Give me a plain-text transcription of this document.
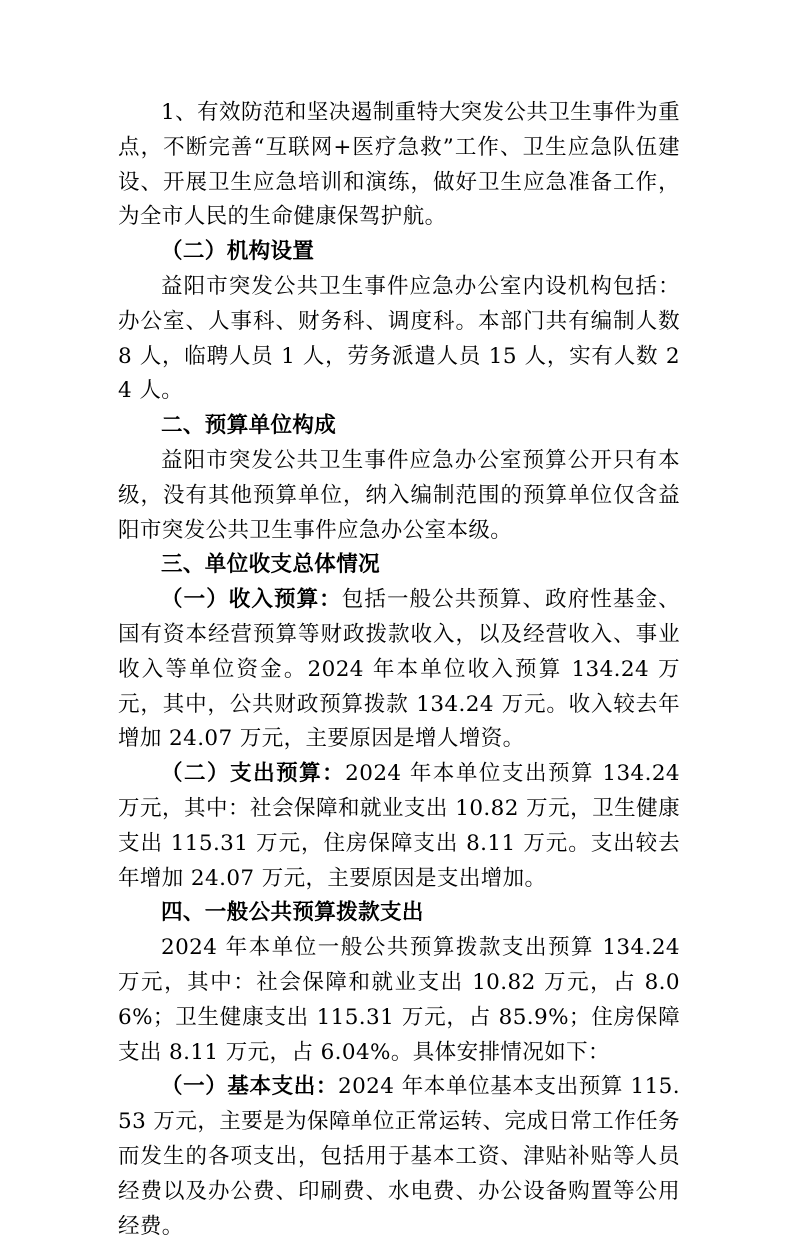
1、有效防范和坚决遏制重特大突发公共卫生事件为重点，不断完善“互联网+医疗急救”工作、卫生应急队伍建设、开展卫生应急培训和演练，做好卫生应急准备工作，为全市人民的生命健康保驾护航。

（二）机构设置

益阳市突发公共卫生事件应急办公室内设机构包括：办公室、人事科、财务科、调度科。本部门共有编制人数 8 人，临聘人员 1 人，劳务派遣人员 15 人，实有人数 24 人。

二、预算单位构成

益阳市突发公共卫生事件应急办公室预算公开只有本级，没有其他预算单位，纳入编制范围的预算单位仅含益阳市突发公共卫生事件应急办公室本级。

三、单位收支总体情况

（一）收入预算：包括一般公共预算、政府性基金、国有资本经营预算等财政拨款收入，以及经营收入、事业收入等单位资金。2024 年本单位收入预算 134.24 万元，其中，公共财政预算拨款 134.24 万元。收入较去年增加 24.07 万元，主要原因是增人增资。

（二）支出预算：2024 年本单位支出预算 134.24 万元，其中：社会保障和就业支出 10.82 万元，卫生健康支出 115.31 万元，住房保障支出 8.11 万元。支出较去年增加 24.07 万元，主要原因是支出增加。

四、一般公共预算拨款支出

2024 年本单位一般公共预算拨款支出预算 134.24 万元，其中：社会保障和就业支出 10.82 万元，占 8.06%；卫生健康支出 115.31 万元，占 85.9%；住房保障支出 8.11 万元，占 6.04%。具体安排情况如下：

（一）基本支出：2024 年本单位基本支出预算 115.53 万元，主要是为保障单位正常运转、完成日常工作任务而发生的各项支出，包括用于基本工资、津贴补贴等人员经费以及办公费、印刷费、水电费、办公设备购置等公用经费。
